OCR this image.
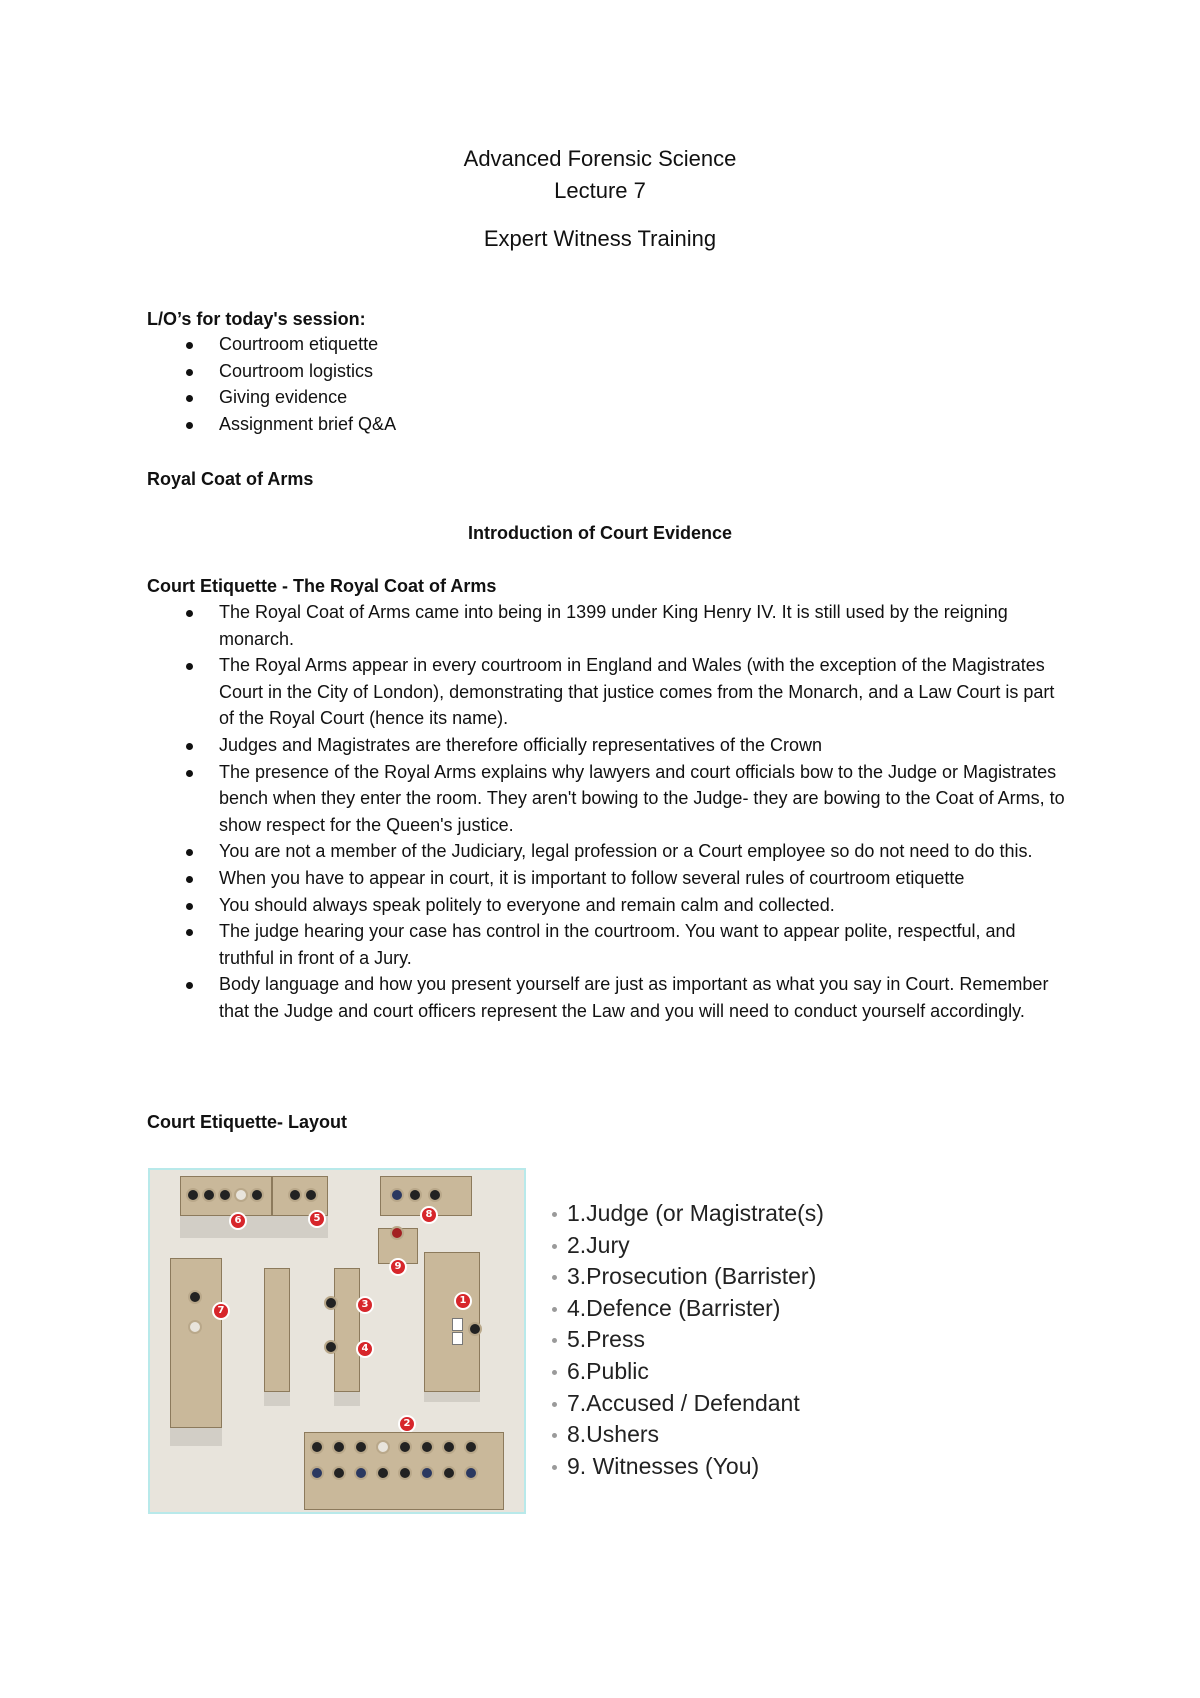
Advanced Forensic Science

Lecture 7

Expert Witness Training
L/O’s for today's session:
Courtroom etiquette
Courtroom logistics
Giving evidence
Assignment brief Q&A
Royal Coat of Arms
Introduction of Court Evidence
Court Etiquette - The Royal Coat of Arms
The Royal Coat of Arms came into being in 1399 under King Henry IV. It is still used by the reigning monarch.
The Royal Arms appear in every courtroom in England and Wales (with the exception of the Magistrates Court in the City of London), demonstrating that justice comes from the Monarch, and a Law Court is part of the Royal Court (hence its name).
Judges and Magistrates are therefore officially representatives of the Crown
The presence of the Royal Arms explains why lawyers and court officials bow to the Judge or Magistrates bench when they enter the room. They aren't bowing to the Judge- they are bowing to the Coat of Arms, to show respect for the Queen's justice.
You are not a member of the Judiciary, legal profession or a Court employee so do not need to do this.
When you have to appear in court, it is important to follow several rules of courtroom etiquette
You should always speak politely to everyone and remain calm and collected.
The judge hearing your case has control in the courtroom. You want to appear polite, respectful, and truthful in front of a Jury.
Body language and how you present yourself are just as important as what you say in Court. Remember that the Judge and court officers represent the Law and you will need to conduct yourself accordingly.
Court Etiquette- Layout
6	5	8
9
7
3
4
1
2
1.Judge (or Magistrate(s)
2.Jury
3.Prosecution (Barrister)
4.Defence (Barrister)
5.Press
6.Public
7.Accused / Defendant
8.Ushers
9. Witnesses (You)
